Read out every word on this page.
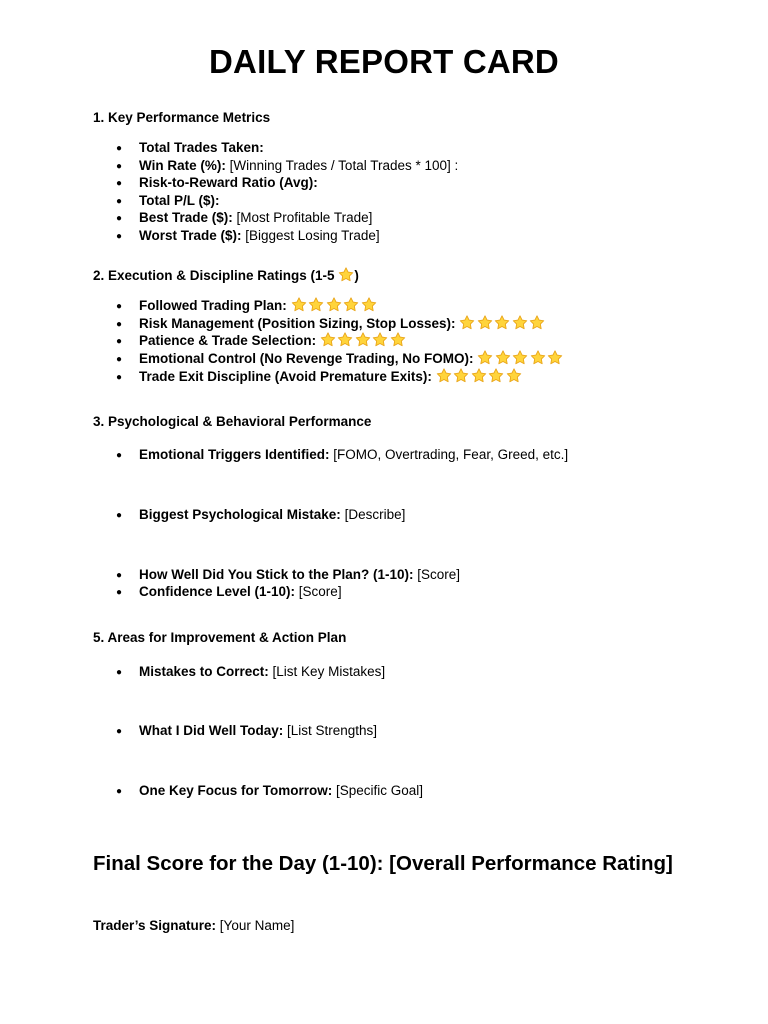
DAILY REPORT CARD
1. Key Performance Metrics
● Total Trades Taken:
● Win Rate (%): [Winning Trades / Total Trades * 100] :
● Risk-to-Reward Ratio (Avg):
● Total P/L ($):
● Best Trade ($): [Most Profitable Trade]
● Worst Trade ($): [Biggest Losing Trade]
2. Execution & Discipline Ratings (1-5
)
● Followed Trading Plan:
● Risk Management (Position Sizing, Stop Losses):
● Patience & Trade Selection:
● Emotional Control (No Revenge Trading, No FOMO):
● Trade Exit Discipline (Avoid Premature Exits):
3. Psychological & Behavioral Performance
● Emotional Triggers Identified: [FOMO, Overtrading, Fear, Greed, etc.]
● Biggest Psychological Mistake: [Describe]
● How Well Did You Stick to the Plan? (1-10): [Score]
● Confidence Level (1-10): [Score]
5. Areas for Improvement & Action Plan
● Mistakes to Correct: [List Key Mistakes]
● What I Did Well Today: [List Strengths]
● One Key Focus for Tomorrow: [Specific Goal]
Final Score for the Day (1-10): [Overall Performance Rating]
Trader’s Signature: [Your Name]
